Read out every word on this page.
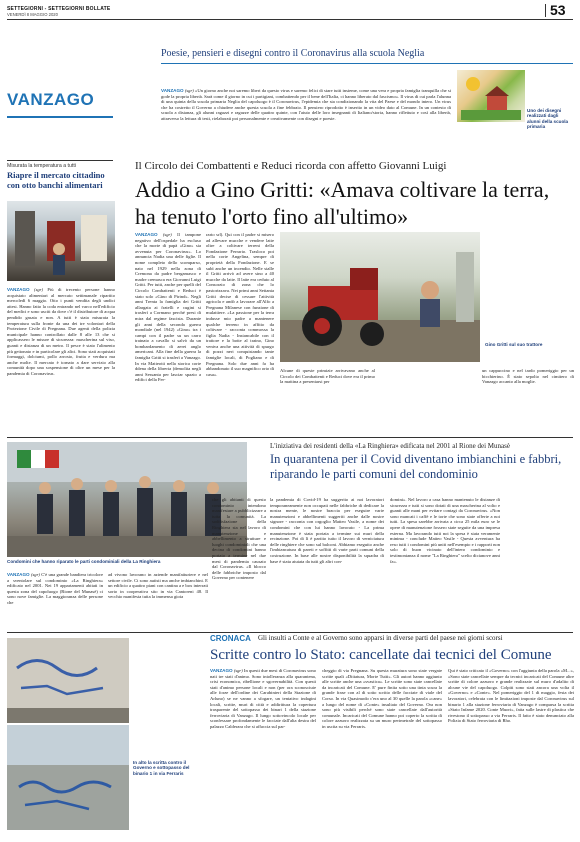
SETTEGIORNI - SETTEGIORNI BOLLATE
VENERDÌ 8 MAGGIO 2020	53
VANZAGO
Poesie, pensieri e disegni contro il Coronavirus alla scuola Neglia
VANZAGO (sgr) «Un giorno anche noi saremo liberi da questo virus e saremo felici di stare tutti insieme, come una vera e propria famiglia tranquilla che si gode la propria libertà. Sarà come il giorno in cui i partigiani, combattendo per il bene dell'Italia, ci hanno liberato dal fascismo». Il virus di cui parla l'alunna di una quinta della scuola primaria Neglia del capoluogo è il Coronavirus, l'epidemia che sta condizionando la vita del Paese e del mondo intero. Un virus che ha costretto il Governo a chiudere anche questa scuola a fine febbraio. Il pensiero riprodotto è inserito in un video dato al Comune. In un contesto di scuola a distanza, gli alunni ragazzi e ragazze delle quattro quinte, con l'aiuto delle loro insegnanti di Italiano/storia, hanno riflettuto e così alla libertà, attraverso la lettura di testi, rielaborati poi personalmente e creativamente con disegni e poesie.
Uno dei disegni realizzati dagli alunni della scuola primaria
Misurata la temperatura a tutti
Riapre il mercato cittadino con otto banchi alimentari
VANZAGO (sgr) Più di trecento persone hanno acquistato alimentari al mercato settimanale ripartito mercoledì 6 maggio. Otto i punti vendita degli undici attesi. Hanno fatto la coda entrando nel varco nell'edificio del medici e sono usciti da dove c'è il distributore di acqua pendido gasata e non. A tutti è stata misurata la temperatura sulla fronte da una dei tre volontari della Protezione Civile di Pregnana. Due agenti della polizia municipale hanno controllato dalle 8 alle 13 che si applicassero le misure di sicurezza: mascherina sul viso, guanti e distanza di un metro. Il pesce è stato l'alimento più gettonato e in particolare gli alici. Sono stati acquistati formaggi, dolciumi, pollo arrosto, frutta e verdura ma anche molte. Il mercato è tornato a dare servizio alla comunità dopo una sospensione di oltre un mese per la pandemia di Coronavirus.
Il Circolo dei Combattenti e Reduci ricorda con affetto Giovanni Luigi
Addio a Gino Gritti: «Amava coltivare la terra, ha tenuto l'orto fino all'ultimo»
VANZAGO (sgr) Il tampone negativo dell'ospedale ha escluso che la morte di papà «Gino» sia avvenuta per Coronavirus». Lo annuncia Nadia una delle figlie. Il nome completo dello scomparso, nato nel 1929 nella zona di Cremona da padre bergamasco e madre cremasca era Giovanni Luigi Gritti. Per tutti, anche per quelli del Circolo Combattenti e Reduci è stato solo «Gino di Pirind». Negli anni Trenta la famiglia dei Gritti allargata ai fratelli e cugini si trasferì a Cormano perché presi di mira dal regime fascista. Durante gli anni della seconda guerra mondiale (nel 1942) «Gino» tra i campi con il padre su un carro trainato a cavallo si salvò da un bombardamento di aerei anglo americani. Alla fine della guerra la famiglia Gritti si trasferì a Vanzago. In via Matteotti nella storica corte ddena della libreria (demolita negli anni Sessanta per lasciar spazio a edifici della Fer-
rario srl). Qui con il padre si misero ad allevare mucche e vendere latte oltre a coltivare terreni della Fondazione Ferrario. Trasloco poi nella corte Angelina, sempre di proprietà della Fondazione. E se subì anche un incendio. Nelle stalle il Gritti arrivò ad avere sino a 40 mucche da latte. Il latte era ceduto al Consorzio di zona che lo pastorizzava. Nei primi anni Settanta Gritti decise di cessare l'attività agricola e andò a lavorare all'Alfo a Pregnana Milanese con funzione di mulattiere. «La passione per la terra indusse mio padre a mantenere qualche terreno in affitto da coltivare - racconta commossa la figlia Nadia - Instancabile con il trattore e la botte al traino, Gino veniva anche una attività di spurgo di pozzi neri conquistando tante famiglie locali, di Pogliano e di Pregnana. Solo due anni fa ha abbandonato il suo magnifico orto di casa».
Gino Gritti sul suo trattore
Alcune di queste primizie arrivavano anche al Circolo dei Combattenti e Reduci dove era il primo la mattina a presentarsi per
un cappuccino e nel tardo pomeriggio per un bicchierino. È stato sepolto nel cimitero di Vanzago accanto alla moglie.
Condomini che hanno riparato le parti condominiali della La Ringhiera
L'iniziativa dei residenti della «La Ringhiera» edificata nel 2001 al Rione dei Munasè
In quarantena per il Covid diventano imbianchini e fabbri, riparando le parti comuni del condominio
VANZAGO (sgr) C'è una grande bandiera tricolore a sventolare sul condominio «La Ringhiera» edificato nel 2001. Nei 19 appartamenti abitati in questa zona del capoluogo (Rione del Munasè) ci sono nove famiglie. La maggioranza delle persone che
ad vivono lavorano in aziende manifatturiere e nel settore civile. Ci sono autisti ma anche imbianchini. E un edificio a quattro piani con cantina a e box interrati sorto in cooperativa sito in via Cantoreni 48. Il vecchio manifesta tutta la immensa gioia
che gli abitanti di questo condominio intendono manifestare a pubblicizzare a tutta la comunità. La soddisfazione della Ringhiera sta nel lavoro di manutenzione e abbellimento a strutture e luoghi condominiali che una decina di condomini hanno portato a termine nel due mesi di pandemia causato dal Coronavirus. «Il blocco delle fabbriche imposto dal Governo per contenere
la pandemia di Covid-19 ha suggerito ai noi lavoratori temporaneamente non occupati nelle fabbriche di dedicare la nostra mente, le nostre braccia per eseguire varie manutenzioni e abbellimenti suggeriti anche dalle nostre signore - racconta con orgoglio Matteo Vasile, a nome dei condomini che con lui hanno lavorato - La prima manutenzione è stata portata a termine sui muri della recinzione. Poi di lì è partito tutto il lavoro di verniciatura delle ringhiere che sono sul balconi. Abbiamo eseguito anche l'imbiancatura di pareti e soffitti di varie parti comuni della costruzione. In base alle nostre disponibilità la squadra di base è stata aiutata da tutti gli altri con-
domini». Nel lavoro a casa hanno mantenuto le distanze di sicurezza e tutti si sono dotati di una mascherina al volto e guanti alle mani per evitare contagi da Coronavirus. «Non sono mancati i caffè e le torte che sono state offerte a noi tutti. La spesa sarebbe arrivata a circa 25 mila euro se le opere di manutenzione fossero state seguite da una impresa esterna. Ma lavorando tutti noi la spesa è stata veramente minima - conclude Matteo Vasile - Questa avventura ha reso tutti i condomini più uniti nell'esempio e i rapporti non solo di buon vicinato dell'intero condominio e testimonianza il nome "La Ringhiera" scelto dicianove anni fa».
CRONACA Gli insulti a Conte e al Governo sono apparsi in diverse parti del paese nei giorni scorsi
Scritte contro lo Stato: cancellate dai tecnici del Comune
In alto la scritta contro il Governo e sottopasso del binario 1 in via Ferraris
VANZAGO (sgr) In questi due mesi di Coronavirus sono nati tre stati d'animo. Sono intolleranza alla quarantena, crisi economica, ribellione e sgovernabilità. Con questi stati d'animo persone locali e non (per ora sconosciute alle forze dell'ordine dei Carabinieri della Stazione di Arluno) se ne vanno a sfogare, un tentativo indagini locali, scritte, muri di città e addirittura la copertura trasparente del sottopasso dei binari 1 della stazione ferroviaria di Vanzago. Il lungo sottovincolo locale per sconfessare profondamente le facciate dall'alta destra del palazzo Calderara che si affaccia sul par-
cheggio di via Pregnana. Su questa muratura sono state vergate scritte quali «Dittatura, Morte Tutti». Gli autori hanno aggiunto alle scritte anche una «svastica». Le scritte sono state cancellate da incaricati del Comune. E' pure finita sotto una tinta scura la grande frase con al di sotto scritto delle facciate di viale del Corso. In via Quasimodo c'era uno al 30 quelle la parola «cane» a lungo del nome di «Conte» insultato del Governo. Ora non sono più visibili perché sono state cancellate dall'autorità comunale. Incaricati del Comune hanno poi coperto la scritta di colore azzurro realizzata su un muro perimetrale del sottopasso in uscita su via Ferraris.
Qui è stato criticato il «Governo» con l'aggiunta della parola «M...», «Sono state cancellate sempre da tecnici incaricati del Comune altre scritte di colore azzurro e grande realizzate sul muro d'adalito di alcune vie del capoluogo. Colpiti sono stati ancora una volta il «Governo» e «Conte». Nel pomeriggio del 1 di maggio, festa dei lavoratori, celebrata con le limitazioni imposte dal Coronavirus sul binario 1 alla stazione ferroviaria di Vanzago è comparsa la scritta «Stato Infame 2020. Conte Muori», fatta sulle lastre di plastica che rivestono il sottopasso a via Ferraris. Il fatto è stato denunciato alla Polizia di Stato ferroviaria di Rho.
